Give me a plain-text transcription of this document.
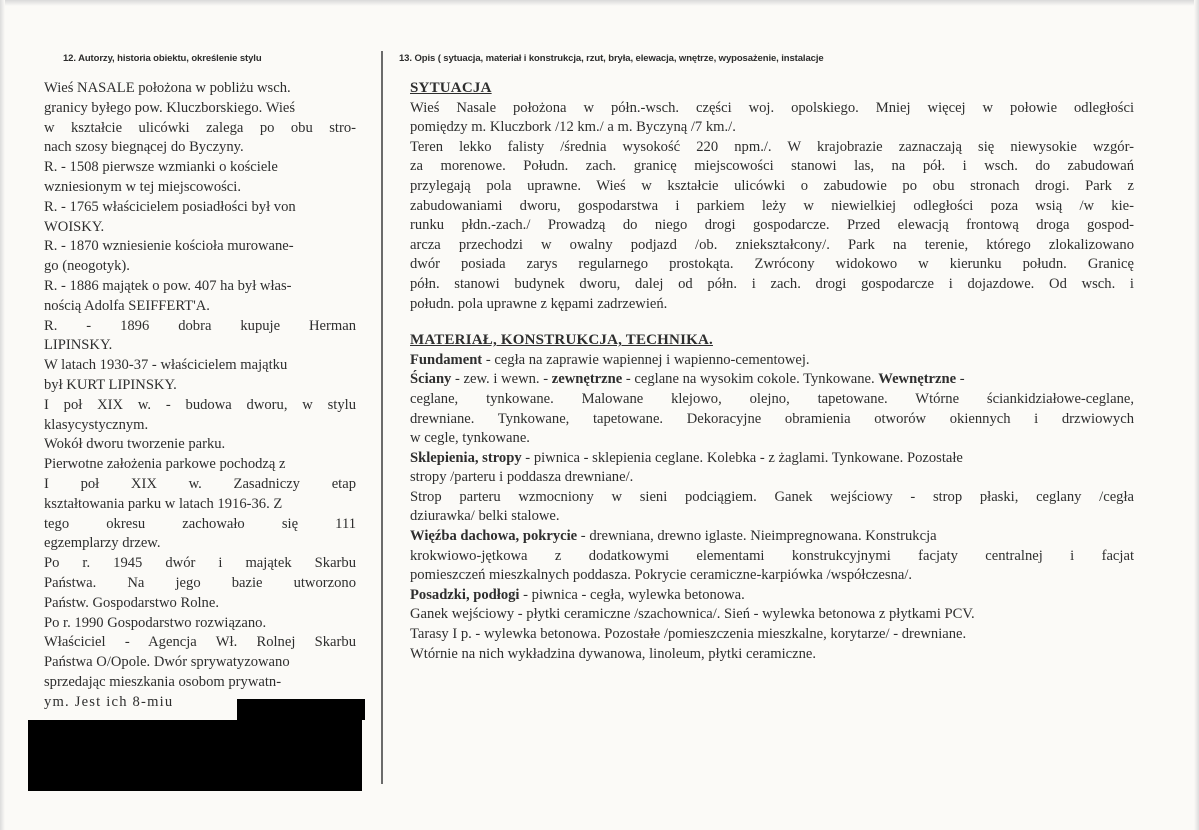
12. Autorzy, historia obiektu, określenie stylu	13. Opis ( sytuacja, materiał i konstrukcja, rzut, bryła, elewacja, wnętrze, wyposażenie, instalacje
Wieś NASALE położona w pobliżu wsch.
granicy byłego pow. Kluczborskiego. Wieś
w kształcie ulicówki zalega po obu stro-
nach szosy biegnącej do Byczyny.
R. - 1508 pierwsze wzmianki o kościele
wzniesionym w tej miejscowości.
R. - 1765 właścicielem posiadłości był von
WOISKY.
R. - 1870 wzniesienie kościoła murowane-
go (neogotyk).
R. - 1886 majątek o pow. 407 ha był włas-
nością Adolfa SEIFFERT'A.
R. - 1896 dobra kupuje Herman
LIPINSKY.
W latach 1930-37 - właścicielem majątku
był KURT LIPINSKY.
I poł XIX w. - budowa dworu, w stylu
klasycystycznym.
Wokół dworu tworzenie parku.
Pierwotne założenia parkowe pochodzą z
I poł XIX w. Zasadniczy etap
kształtowania parku w latach 1916-36. Z
tego okresu zachowało się 111
egzemplarzy drzew.
Po r. 1945 dwór i majątek Skarbu
Państwa. Na jego bazie utworzono
Państw. Gospodarstwo Rolne.
Po r. 1990 Gospodarstwo rozwiązano.
Właściciel - Agencja Wł. Rolnej Skarbu
Państwa O/Opole. Dwór sprywatyzowano
sprzedając mieszkania osobom prywatn-
ym. Jest ich 8-miu
SYTUACJA
Wieś Nasale położona w półn.-wsch. części woj. opolskiego. Mniej więcej w połowie odległości
pomiędzy m. Kluczbork /12 km./ a m. Byczyną /7 km./.
Teren lekko falisty /średnia wysokość 220 npm./. W krajobrazie zaznaczają się niewysokie wzgór-
za morenowe. Połudn. zach. granicę miejscowości stanowi las, na pół. i wsch. do zabudowań
przylegają pola uprawne. Wieś w kształcie ulicówki o zabudowie po obu stronach drogi. Park z
zabudowaniami dworu, gospodarstwa i parkiem leży w niewielkiej odległości poza wsią /w kie-
runku płdn.-zach./ Prowadzą do niego drogi gospodarcze. Przed elewacją frontową droga gospod-
arcza przechodzi w owalny podjazd /ob. zniekształcony/. Park na terenie, którego zlokalizowano
dwór posiada zarys regularnego prostokąta. Zwrócony widokowo w kierunku połudn. Granicę
półn. stanowi budynek dworu, dalej od półn. i zach. drogi gospodarcze i dojazdowe. Od wsch. i
połudn. pola uprawne z kępami zadrzewień.
MATERIAŁ, KONSTRUKCJA, TECHNIKA.
Fundament - cegła na zaprawie wapiennej i wapienno-cementowej.
Ściany - zew. i wewn. - zewnętrzne - ceglane na wysokim cokole. Tynkowane. Wewnętrzne -
ceglane, tynkowane. Malowane klejowo, olejno, tapetowane. Wtórne ściankidziałowe-ceglane,
drewniane. Tynkowane, tapetowane. Dekoracyjne obramienia otworów okiennych i drzwiowych
w cegle, tynkowane.
Sklepienia, stropy - piwnica - sklepienia ceglane. Kolebka - z żaglami. Tynkowane. Pozostałe
stropy /parteru i poddasza drewniane/.
Strop parteru wzmocniony w sieni podciągiem. Ganek wejściowy - strop płaski, ceglany /cegła
dziurawka/ belki stalowe.
Więźba dachowa, pokrycie - drewniana, drewno iglaste. Nieimpregnowana. Konstrukcja
krokwiowo-jętkowa z dodatkowymi elementami konstrukcyjnymi facjaty centralnej i facjat
pomieszczeń mieszkalnych poddasza. Pokrycie ceramiczne-karpiówka /współczesna/.
Posadzki, podłogi - piwnica - cegła, wylewka betonowa.
Ganek wejściowy - płytki ceramiczne /szachownica/. Sień - wylewka betonowa z płytkami PCV.
Tarasy I p. - wylewka betonowa. Pozostałe /pomieszczenia mieszkalne, korytarze/ - drewniane.
Wtórnie na nich wykładzina dywanowa, linoleum, płytki ceramiczne.
